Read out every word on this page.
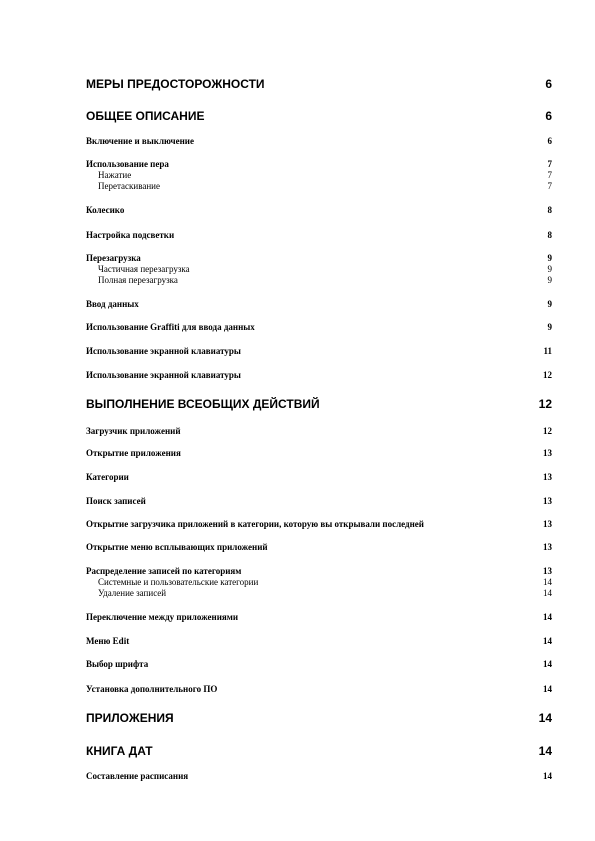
МЕРЫ ПРЕДОСТОРОЖНОСТИ	6
ОБЩЕЕ ОПИСАНИЕ	6
Включение и выключение	6
Использование пера	7
Нажатие	7
Перетаскивание	7
Колесико	8
Настройка подсветки	8
Перезагрузка	9
Частичная перезагрузка	9
Полная перезагрузка	9
Ввод данных	9
Использование Graffiti для ввода данных	9
Использование экранной клавиатуры	11
Использование экранной клавиатуры	12
ВЫПОЛНЕНИЕ ВСЕОБЩИХ ДЕЙСТВИЙ	12
Загрузчик приложений	12
Открытие приложения	13
Категории	13
Поиск записей	13
Открытие загрузчика приложений в категории, которую вы открывали последней	13
Открытие меню всплывающих приложений	13
Распределение записей по категориям	13
Системные и пользовательские категории	14
Удаление записей	14
Переключение между приложениями	14
Меню Edit	14
Выбор шрифта	14
Установка дополнительного ПО	14
ПРИЛОЖЕНИЯ	14
КНИГА ДАТ	14
Составление расписания	14
